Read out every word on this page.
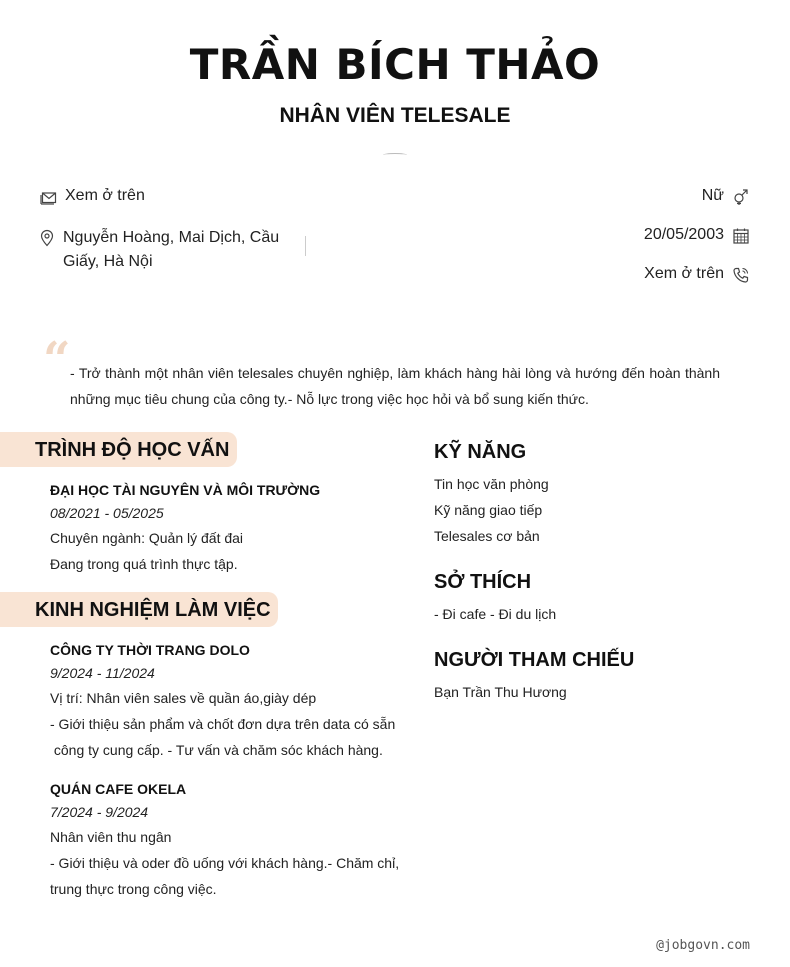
TRẦN BÍCH THẢO
NHÂN VIÊN TELESALE
Xem ở trên
Nguyễn Hoàng, Mai Dịch, Cầu
Giấy, Hà Nội
Nữ
20/05/2003
Xem ở trên
“ - Trở thành một nhân viên telesales chuyên nghiệp, làm khách hàng hài lòng và hướng đến hoàn thành những mục tiêu chung của công ty.- Nỗ lực trong việc học hỏi và bổ sung kiến thức.
TRÌNH ĐỘ HỌC VẤN
ĐẠI HỌC TÀI NGUYÊN VÀ MÔI TRƯỜNG
08/2021 - 05/2025
Chuyên ngành: Quản lý đất đai
Đang trong quá trình thực tập.
KINH NGHIỆM LÀM VIỆC
CÔNG TY THỜI TRANG DOLO
9/2024 - 11/2024
Vị trí: Nhân viên sales về quần áo,giày dép
- Giới thiệu sản phẩm và chốt đơn dựa trên data có sẵn
công ty cung cấp. - Tư vấn và chăm sóc khách hàng.
QUÁN CAFE OKELA
7/2024 - 9/2024
Nhân viên thu ngân
- Giới thiệu và oder đồ uống với khách hàng.- Chăm chỉ,
trung thực trong công việc.
KỸ NĂNG
Tin học văn phòng
Kỹ năng giao tiếp
Telesales cơ bản
SỞ THÍCH
- Đi cafe - Đi du lịch
NGƯỜI THAM CHIẾU
Bạn Trần Thu Hương
@jobgovn.com
